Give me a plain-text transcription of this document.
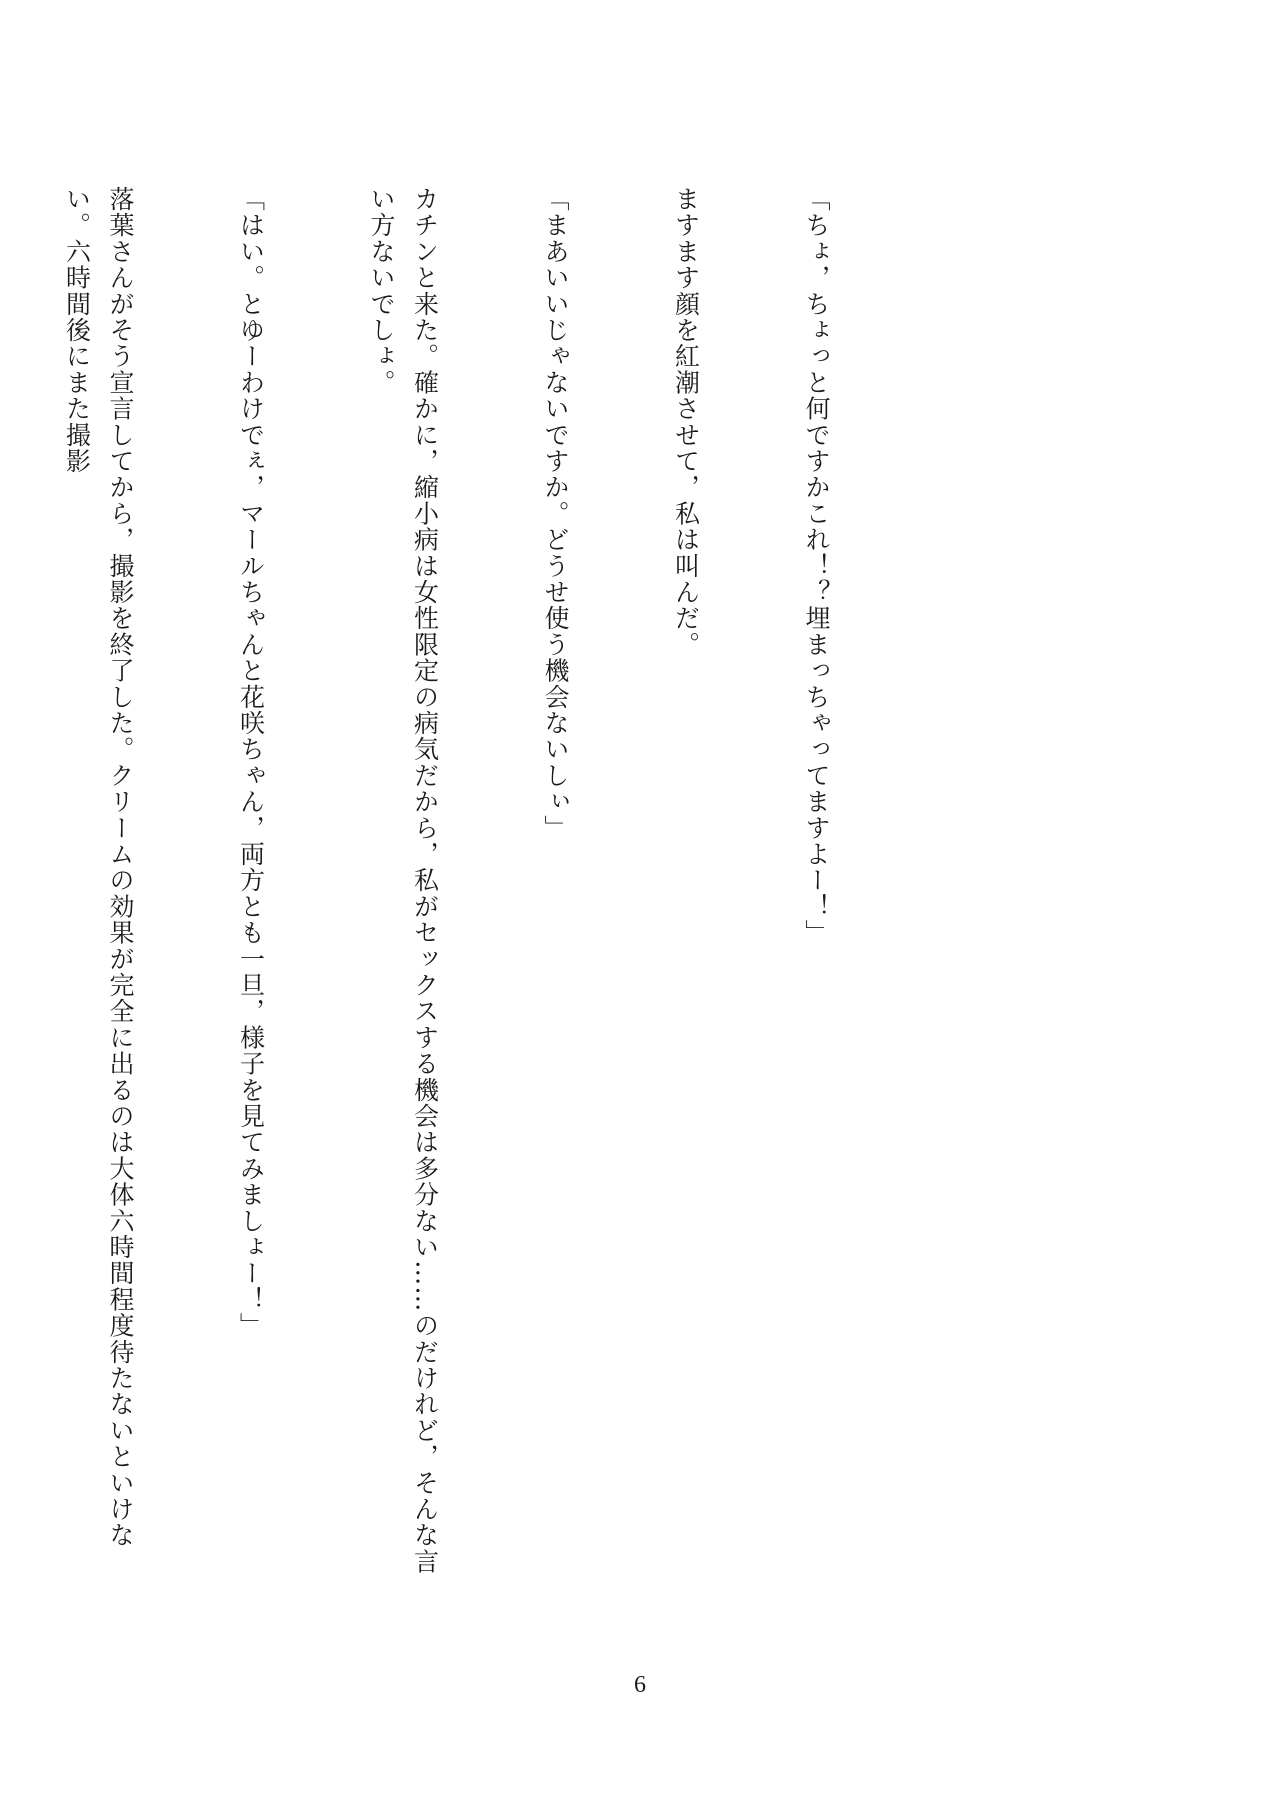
「ちょ，ちょっと何ですかこれ！？埋まっちゃってますよー！」

ますます顔を紅潮させて，私は叫んだ。

「まあいいじゃないですか。どうせ使う機会ないしぃ」

カチンと来た。確かに，縮小病は女性限定の病気だから，私がセックスする機会は多分ない……のだけれど，そんな言い方ないでしょ。

「はい。とゆーわけでぇ，マールちゃんと花咲ちゃん，両方とも一旦，様子を見てみましょー！」

落葉さんがそう宣言してから，撮影を終了した。クリームの効果が完全に出るのは大体六時間程度待たないといけない。六時間後にまた撮影

6
